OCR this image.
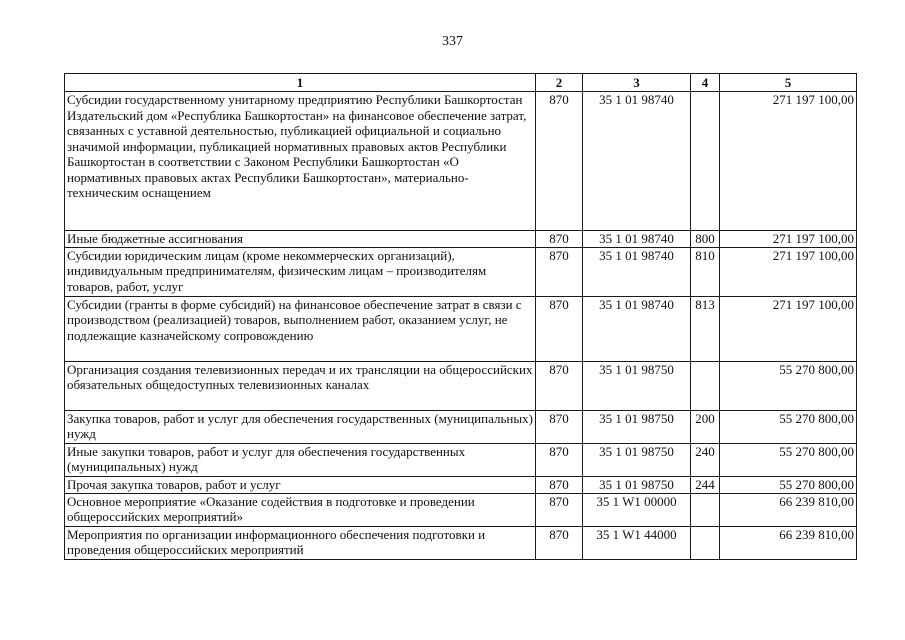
337
1	2	3	4	5
Субсидии государственному унитарному предприятию Республики Башкортостан Издательский дом «Республика Башкортостан» на финансовое обеспечение затрат, связанных с уставной деятельностью, публикацией официальной и социально значимой информации, публикацией нормативных правовых актов Республики Башкортостан в соответствии с Законом Республики Башкортостан «О нормативных правовых актах Республики Башкортостан», материально-техническим оснащением	870	35 1 01 98740		271 197 100,00
Иные бюджетные ассигнования	870	35 1 01 98740	800	271 197 100,00
Субсидии юридическим лицам (кроме некоммерческих организаций), индивидуальным предпринимателям, физическим лицам – производителям товаров, работ, услуг	870	35 1 01 98740	810	271 197 100,00
Субсидии (гранты в форме субсидий) на финансовое обеспечение затрат в связи с производством (реализацией) товаров, выполнением работ, оказанием услуг, не подлежащие казначейскому сопровождению	870	35 1 01 98740	813	271 197 100,00
Организация создания телевизионных передач и их трансляции на общероссийских обязательных общедоступных телевизионных каналах	870	35 1 01 98750		55 270 800,00
Закупка товаров, работ и услуг для обеспечения государственных (муниципальных) нужд	870	35 1 01 98750	200	55 270 800,00
Иные закупки товаров, работ и услуг для обеспечения государственных (муниципальных) нужд	870	35 1 01 98750	240	55 270 800,00
Прочая закупка товаров, работ и услуг	870	35 1 01 98750	244	55 270 800,00
Основное мероприятие «Оказание содействия в подготовке и проведении общероссийских мероприятий»	870	35 1 W1 00000		66 239 810,00
Мероприятия по организации информационного обеспечения подготовки и проведения общероссийских мероприятий	870	35 1 W1 44000		66 239 810,00
